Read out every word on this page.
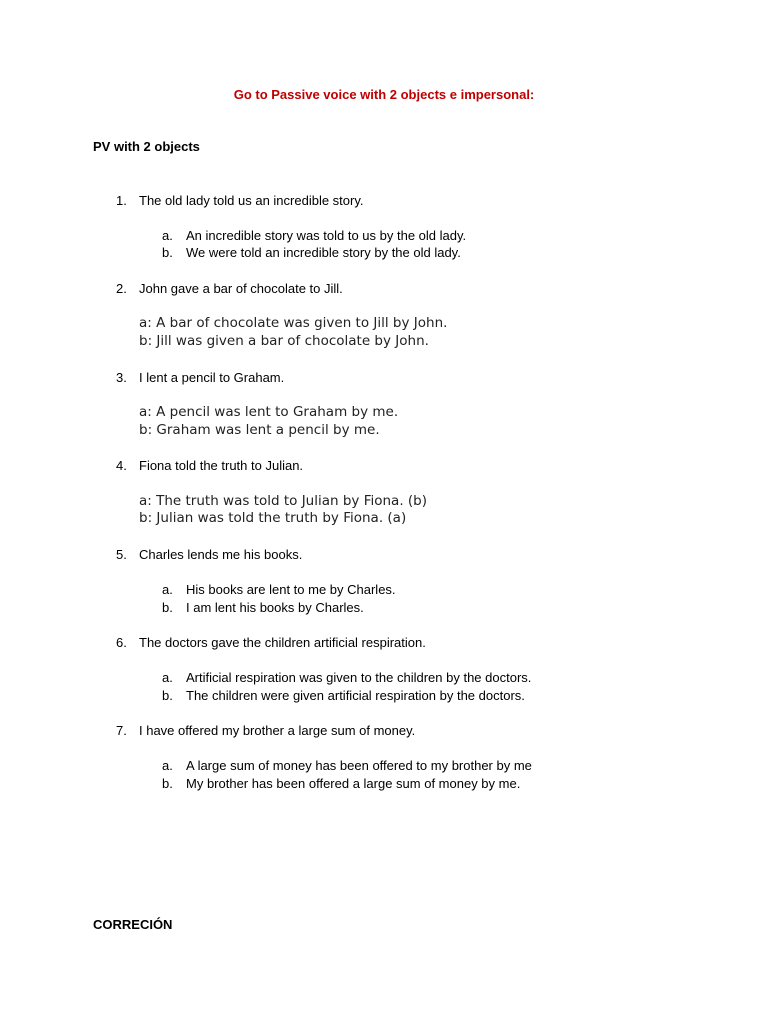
Go to Passive voice with 2 objects e impersonal:
PV with 2 objects
1. The old lady told us an incredible story.
a. An incredible story was told to us by the old lady.
b. We were told an incredible story by the old lady.
2. John gave a bar of chocolate to Jill.
a: A bar of chocolate was given to Jill by John.
b: Jill was given a bar of chocolate by John.
3. I lent a pencil to Graham.
a: A pencil was lent to Graham by me.
b: Graham was lent a pencil by me.
4. Fiona told the truth to Julian.
a: The truth was told to Julian by Fiona. (b)
b: Julian was told the truth by Fiona. (a)
5. Charles lends me his books.
a. His books are lent to me by Charles.
b. I am lent his books by Charles.
6. The doctors gave the children artificial respiration.
a. Artificial respiration was given to the children by the doctors.
b. The children were given artificial respiration by the doctors.
7. I have offered my brother a large sum of money.
a. A large sum of money has been offered to my brother by me
b. My brother has been offered a large sum of money by me.
CORRECIÓN
